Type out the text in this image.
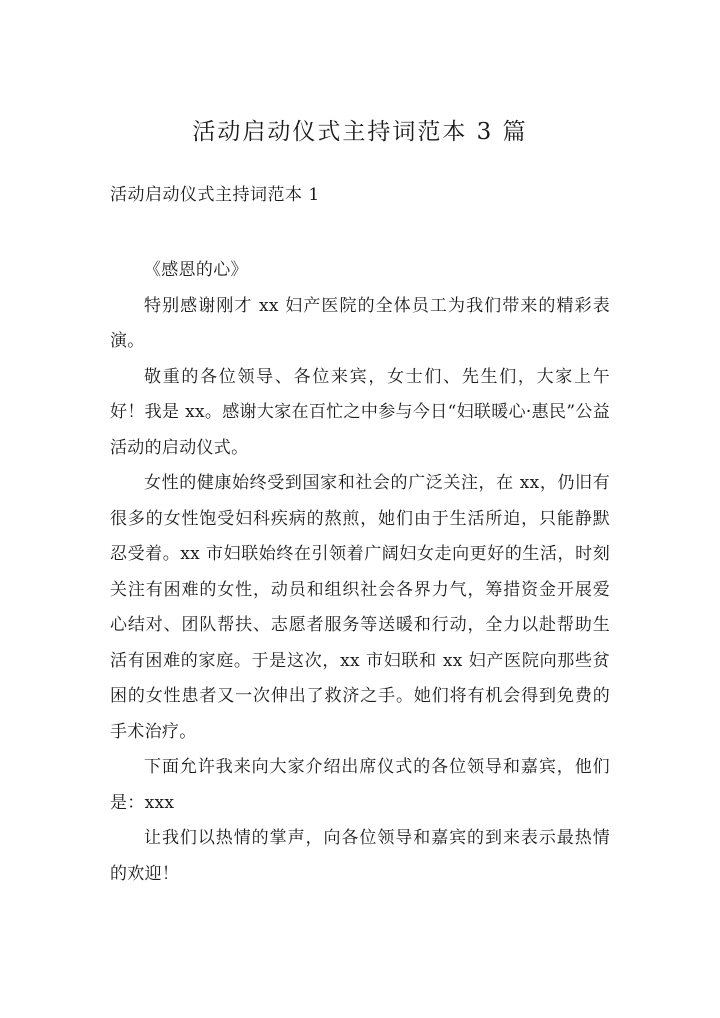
活动启动仪式主持词范本 3 篇
活动启动仪式主持词范本 1

《感恩的心》

特别感谢刚才 xx 妇产医院的全体员工为我们带来的精彩表演。

敬重的各位领导、各位来宾，女士们、先生们，大家上午好！我是 xx。感谢大家在百忙之中参与今日“妇联暖心·惠民”公益活动的启动仪式。

女性的健康始终受到国家和社会的广泛关注，在 xx，仍旧有很多的女性饱受妇科疾病的熬煎，她们由于生活所迫，只能静默忍受着。xx 市妇联始终在引领着广阔妇女走向更好的生活，时刻关注有困难的女性，动员和组织社会各界力气，筹措资金开展爱心结对、团队帮扶、志愿者服务等送暖和行动，全力以赴帮助生活有困难的家庭。于是这次，xx 市妇联和 xx 妇产医院向那些贫困的女性患者又一次伸出了救济之手。她们将有机会得到免费的手术治疗。

下面允许我来向大家介绍出席仪式的各位领导和嘉宾，他们是：xxx

让我们以热情的掌声，向各位领导和嘉宾的到来表示最热情的欢迎！
